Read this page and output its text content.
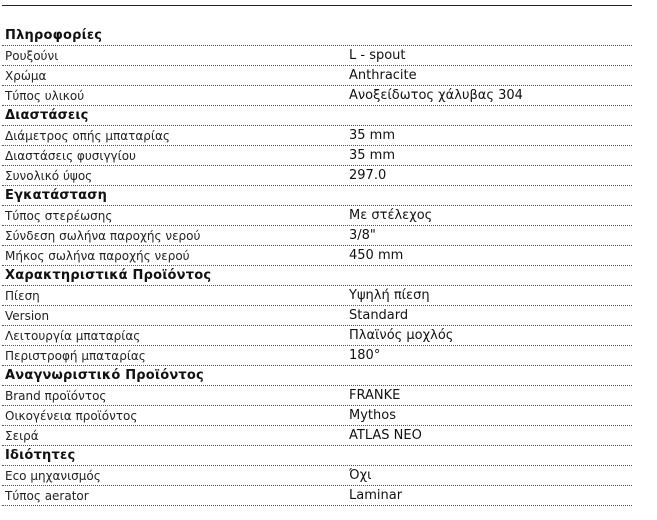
Πληροφορίες
Ρουξούνι	L - spout
Χρώμα	Anthracite
Τύπος υλικού	Ανοξείδωτος χάλυβας 304
Διαστάσεις
Διάμετρος οπής μπαταρίας	35 mm
Διαστάσεις φυσιγγίου	35 mm
Συνολικό ύψος	297.0
Εγκατάσταση
Τύπος στερέωσης	Με στέλεχος
Σύνδεση σωλήνα παροχής νερού	3/8"
Μήκος σωλήνα παροχής νερού	450 mm
Χαρακτηριστικά Προϊόντος
Πίεση	Υψηλή πίεση
Version	Standard
Λειτουργία μπαταρίας	Πλαϊνός μοχλός
Περιστροφή μπαταρίας	180°
Αναγνωριστικό Προϊόντος
Brand προϊόντος	FRANKE
Οικογένεια προϊόντος	Mythos
Σειρά	ATLAS NEO
Ιδιότητες
Eco μηχανισμός	Όχι
Τύπος aerator	Laminar
